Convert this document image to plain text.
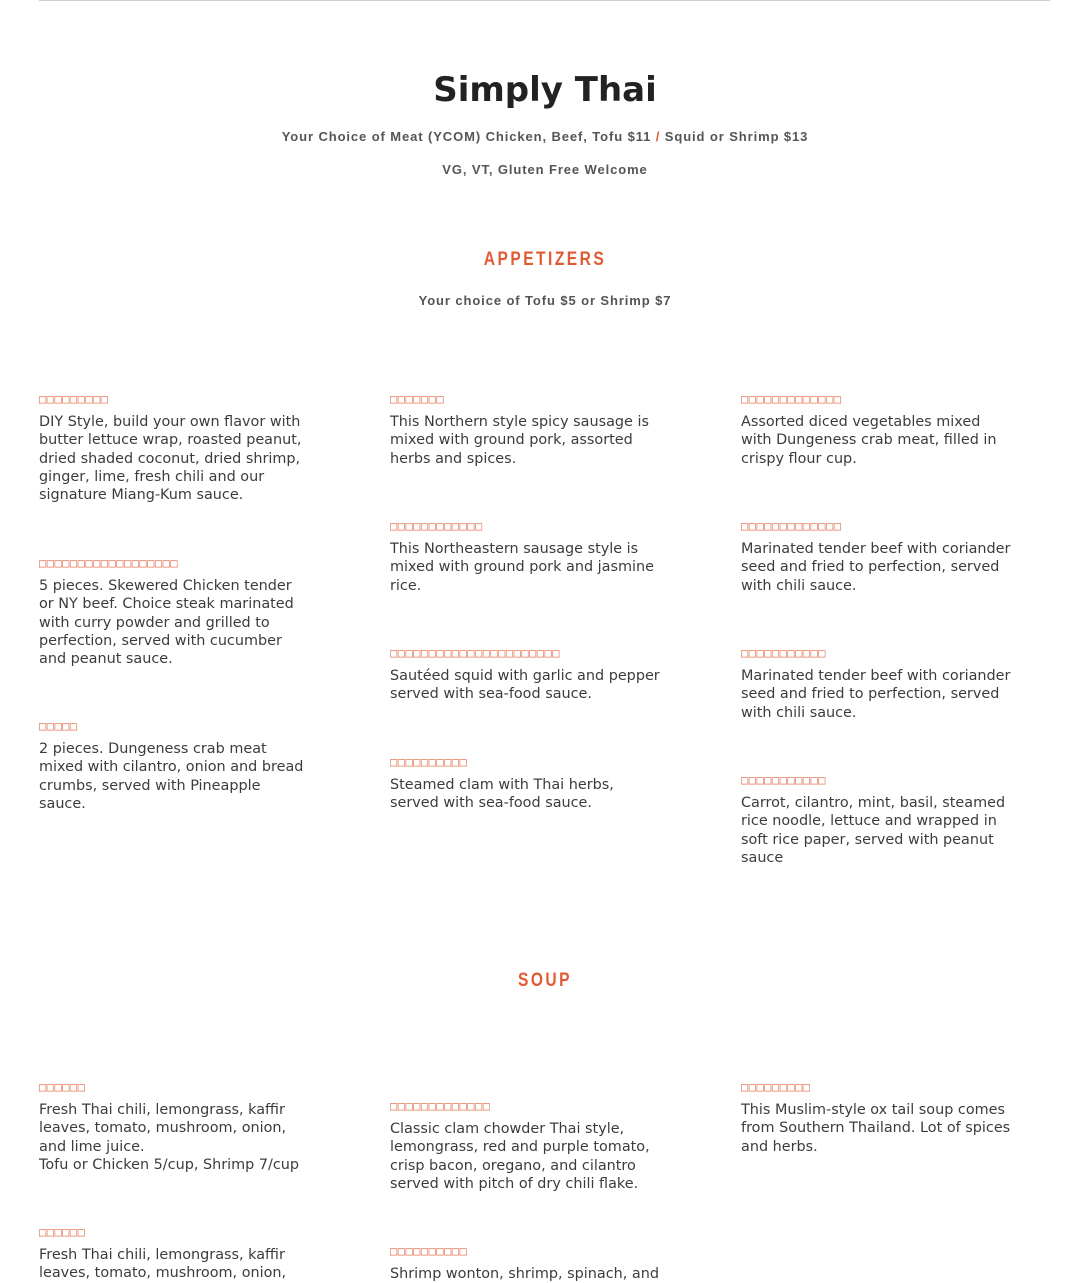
Simply Thai

Your Choice of Meat (YCOM) Chicken, Beef, Tofu $11 / Squid or Shrimp $13

VG, VT, Gluten Free Welcome

APPETIZERS

Your choice of Tofu $5 or Shrimp $7

□□□□□□□□□

DIY Style, build your own flavor with butter lettuce wrap, roasted peanut, dried shaded coconut, dried shrimp, ginger, lime, fresh chili and our signature Miang-Kum sauce.

□□□□□□□□□□□□□□□□□□

5 pieces. Skewered Chicken tender or NY beef. Choice steak marinated with curry powder and grilled to perfection, served with cucumber and peanut sauce.

□□□□□

2 pieces. Dungeness crab meat mixed with cilantro, onion and bread crumbs, served with Pineapple sauce.

□□□□□□□

This Northern style spicy sausage is mixed with ground pork, assorted herbs and spices.

□□□□□□□□□□□□

This Northeastern sausage style is mixed with ground pork and jasmine rice.

□□□□□□□□□□□□□□□□□□□□□□

Sautéed squid with garlic and pepper served with sea-food sauce.

□□□□□□□□□□

Steamed clam with Thai herbs, served with sea-food sauce.

□□□□□□□□□□□□□

Assorted diced vegetables mixed with Dungeness crab meat, filled in crispy flour cup.

□□□□□□□□□□□□□

Marinated tender beef with coriander seed and fried to perfection, served with chili sauce.

□□□□□□□□□□□

Marinated tender beef with coriander seed and fried to perfection, served with chili sauce.

□□□□□□□□□□□

Carrot, cilantro, mint, basil, steamed rice noodle, lettuce and wrapped in soft rice paper, served with peanut sauce

SOUP

□□□□□□

Fresh Thai chili, lemongrass, kaffir leaves, tomato, mushroom, onion, and lime juice.

Tofu or Chicken 5/cup, Shrimp 7/cup

□□□□□□

Fresh Thai chili, lemongrass, kaffir leaves, tomato, mushroom, onion,

□□□□□□□□□□□□□

Classic clam chowder Thai style, lemongrass, red and purple tomato, crisp bacon, oregano, and cilantro served with pitch of dry chili flake.

□□□□□□□□□□

Shrimp wonton, shrimp, spinach, and

□□□□□□□□□

This Muslim-style ox tail soup comes from Southern Thailand. Lot of spices and herbs.
